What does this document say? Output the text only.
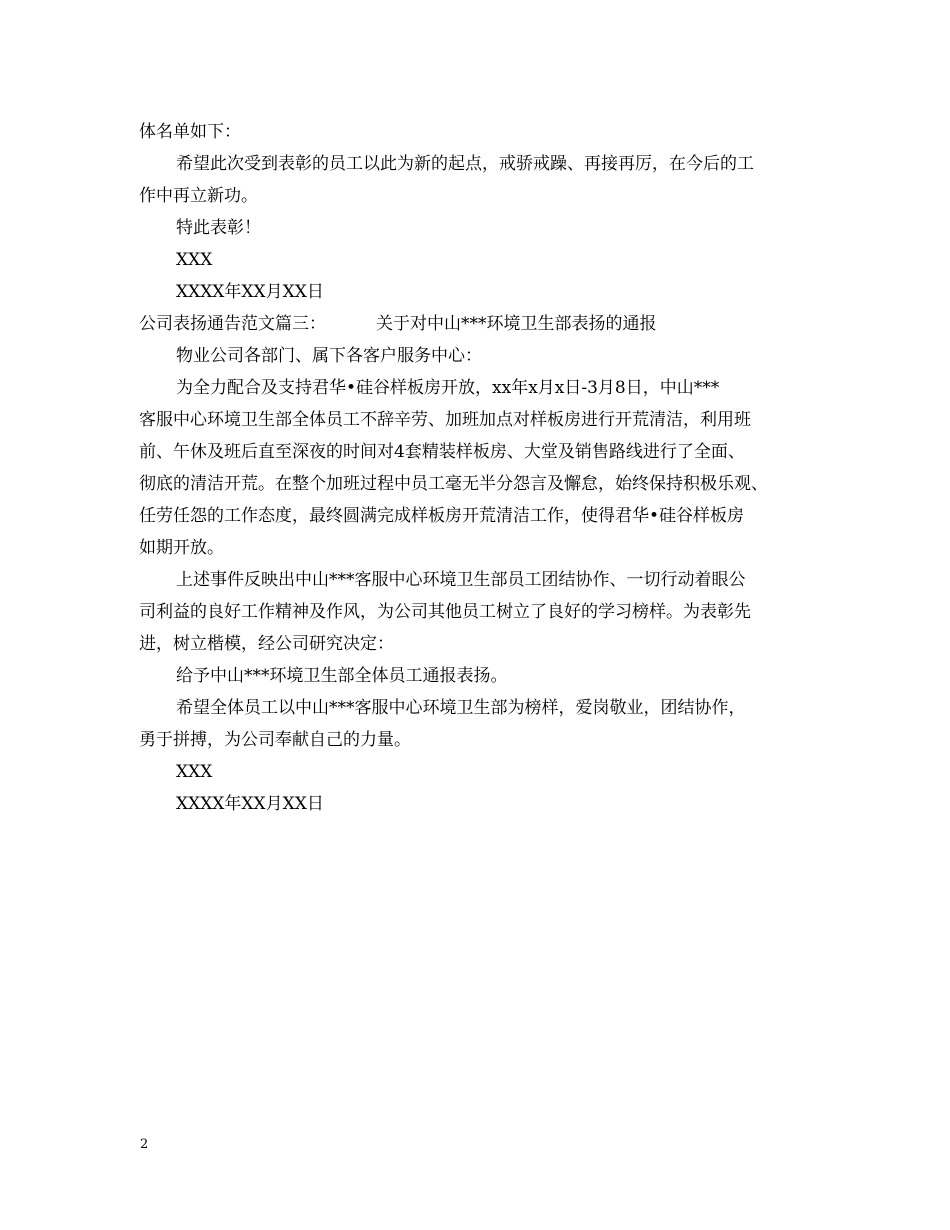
体名单如下：

希望此次受到表彰的员工以此为新的起点，戒骄戒躁、再接再厉，在今后的工

作中再立新功。

特此表彰！

XXX

XXXX年XX月XX日

公司表扬通告范文篇三：	关于对中山***环境卫生部表扬的通报

物业公司各部门、属下各客户服务中心：

为全力配合及支持君华•硅谷样板房开放，xx年x月x日-3月8日，中山***

客服中心环境卫生部全体员工不辞辛劳、加班加点对样板房进行开荒清洁，利用班

前、午休及班后直至深夜的时间对4套精装样板房、大堂及销售路线进行了全面、

彻底的清洁开荒。在整个加班过程中员工毫无半分怨言及懈怠，始终保持积极乐观、

任劳任怨的工作态度，最终圆满完成样板房开荒清洁工作，使得君华•硅谷样板房

如期开放。

上述事件反映出中山***客服中心环境卫生部员工团结协作、一切行动着眼公

司利益的良好工作精神及作风，为公司其他员工树立了良好的学习榜样。为表彰先

进，树立楷模，经公司研究决定：

给予中山***环境卫生部全体员工通报表扬。

希望全体员工以中山***客服中心环境卫生部为榜样，爱岗敬业，团结协作，

勇于拼搏，为公司奉献自己的力量。

XXX

XXXX年XX月XX日

2
